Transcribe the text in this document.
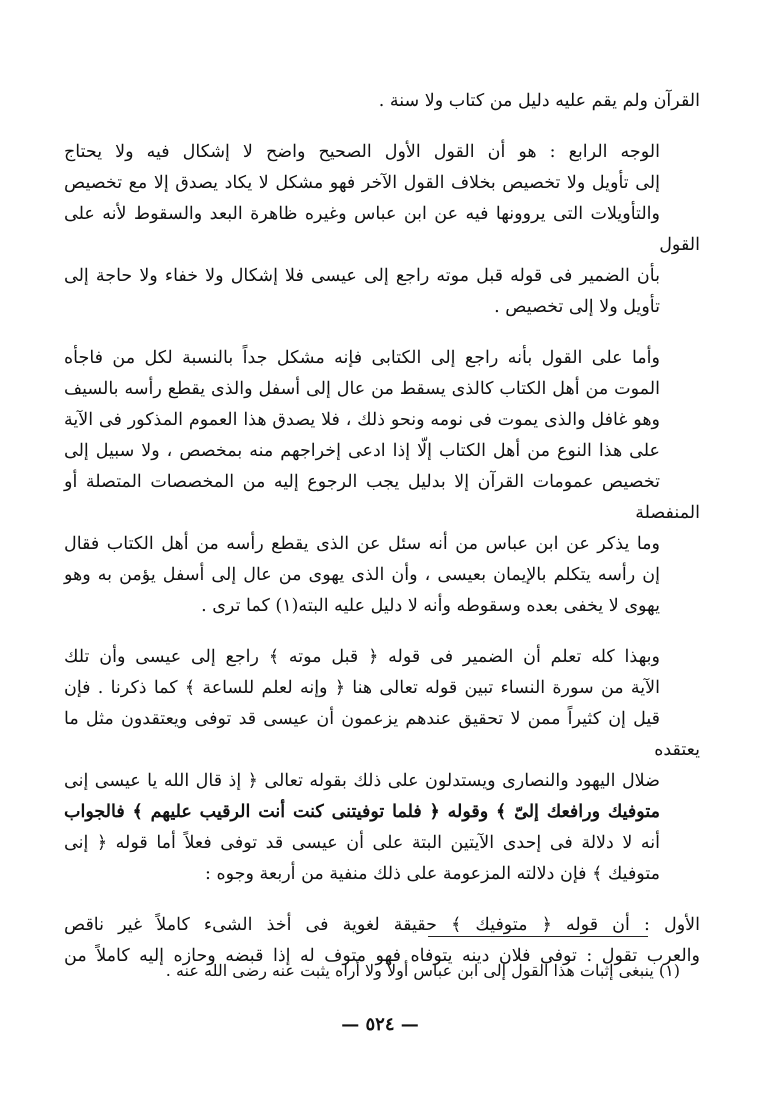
القرآن ولم يقم عليه دليل من كتاب ولا سنة .

الوجه الرابع : هو أن القول الأول الصحيح واضح لا إشكال فيه ولا يحتاج
إلى تأويل ولا تخصيص بخلاف القول الآخر فهو مشكل لا يكاد يصدق إلا مع تخصيص
والتأويلات التى يروونها فيه عن ابن عباس وغيره ظاهرة البعد والسقوط لأنه على القول
بأن الضمير فى قوله قبل موته راجع إلى عيسى فلا إشكال ولا خفاء ولا حاجة إلى
تأويل ولا إلى تخصيص .

وأما على القول بأنه راجع إلى الكتابى فإنه مشكل جداً بالنسبة لكل من فاجأه
الموت من أهل الكتاب كالذى يسقط من عال إلى أسفل والذى يقطع رأسه بالسيف
وهو غافل والذى يموت فى نومه ونحو ذلك ، فلا يصدق هذا العموم المذكور فى الآية
على هذا النوع من أهل الكتاب إلّا إذا ادعى إخراجهم منه بمخصص ، ولا سبيل إلى
تخصيص عمومات القرآن إلا بدليل يجب الرجوع إليه من المخصصات المتصلة أو المنفصلة
وما يذكر عن ابن عباس من أنه سئل عن الذى يقطع رأسه من أهل الكتاب فقال
إن رأسه يتكلم بالإيمان بعيسى ، وأن الذى يهوى من عال إلى أسفل يؤمن به وهو
يهوى لا يخفى بعده وسقوطه وأنه لا دليل عليه البته(١) كما ترى .

وبهذا كله تعلم أن الضمير فى قوله ﴿ قبل موته ﴾ راجع إلى عيسى وأن تلك
الآية من سورة النساء تبين قوله تعالى هنا ﴿ وإنه لعلم للساعة ﴾ كما ذكرنا . فإن
قيل إن كثيراً ممن لا تحقيق عندهم يزعمون أن عيسى قد توفى ويعتقدون مثل ما يعتقده
ضلال اليهود والنصارى ويستدلون على ذلك بقوله تعالى ﴿ إذ قال الله يا عيسى إنى
متوفيك ورافعك إلىّ ﴾ وقوله ﴿ فلما توفيتنى كنت أنت الرقيب عليهم ﴾ فالجواب
أنه لا دلالة فى إحدى الآيتين البتة على أن عيسى قد توفى فعلاً أما قوله ﴿ إنى
متوفيك ﴾ فإن دلالته المزعومة على ذلك منفية من أربعة وجوه :

الأول : أن قوله ﴿ متوفيك ﴾ حقيقة لغوية فى أخذ الشىء كاملاً غير ناقص
والعرب تقول : توفى فلان دينه يتوفاه فهو متوف له إذا قبضه وحازه إليه كاملاً من

(١) ينبغى إثبات هذا القول إلى ابن عباس أولاً ولا أراه يثبت عنه رضى الله عنه .
— ٥٢٤ —
